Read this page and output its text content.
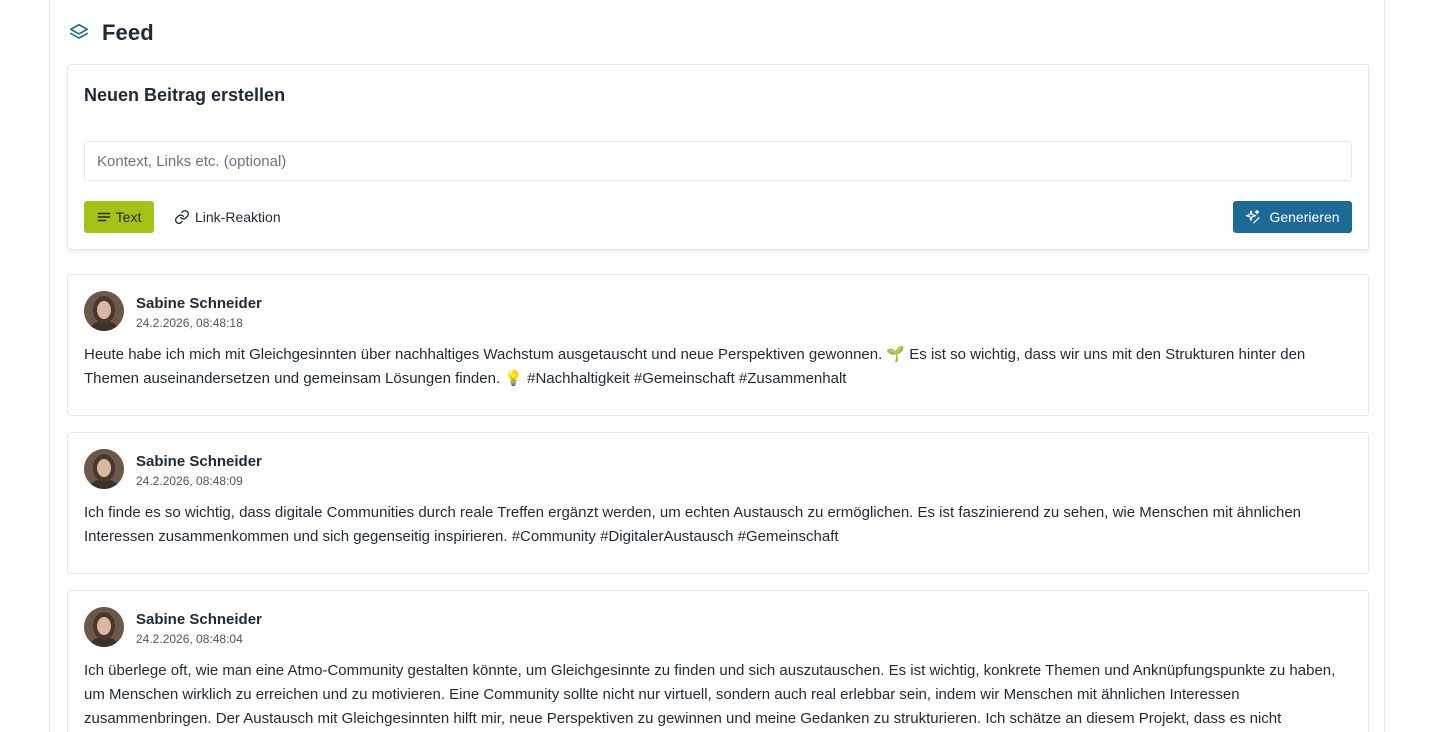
Feed
Neuen Beitrag erstellen
Kontext, Links etc. (optional)
Text	Link-Reaktion	Generieren
Sabine Schneider
24.2.2026, 08:48:18
Heute habe ich mich mit Gleichgesinnten über nachhaltiges Wachstum ausgetauscht und neue Perspektiven gewonnen. 🌱 Es ist so wichtig, dass wir uns mit den Strukturen hinter den Themen auseinandersetzen und gemeinsam Lösungen finden. 💡 #Nachhaltigkeit #Gemeinschaft #Zusammenhalt
Sabine Schneider
24.2.2026, 08:48:09
Ich finde es so wichtig, dass digitale Communities durch reale Treffen ergänzt werden, um echten Austausch zu ermöglichen. Es ist faszinierend zu sehen, wie Menschen mit ähnlichen Interessen zusammenkommen und sich gegenseitig inspirieren. #Community #DigitalerAustausch #Gemeinschaft
Sabine Schneider
24.2.2026, 08:48:04
Ich überlege oft, wie man eine Atmo-Community gestalten könnte, um Gleichgesinnte zu finden und sich auszutauschen. Es ist wichtig, konkrete Themen und Anknüpfungspunkte zu haben, um Menschen wirklich zu erreichen und zu motivieren. Eine Community sollte nicht nur virtuell, sondern auch real erlebbar sein, indem wir Menschen mit ähnlichen Interessen zusammenbringen. Der Austausch mit Gleichgesinnten hilft mir, neue Perspektiven zu gewinnen und meine Gedanken zu strukturieren. Ich schätze an diesem Projekt, dass es nicht
